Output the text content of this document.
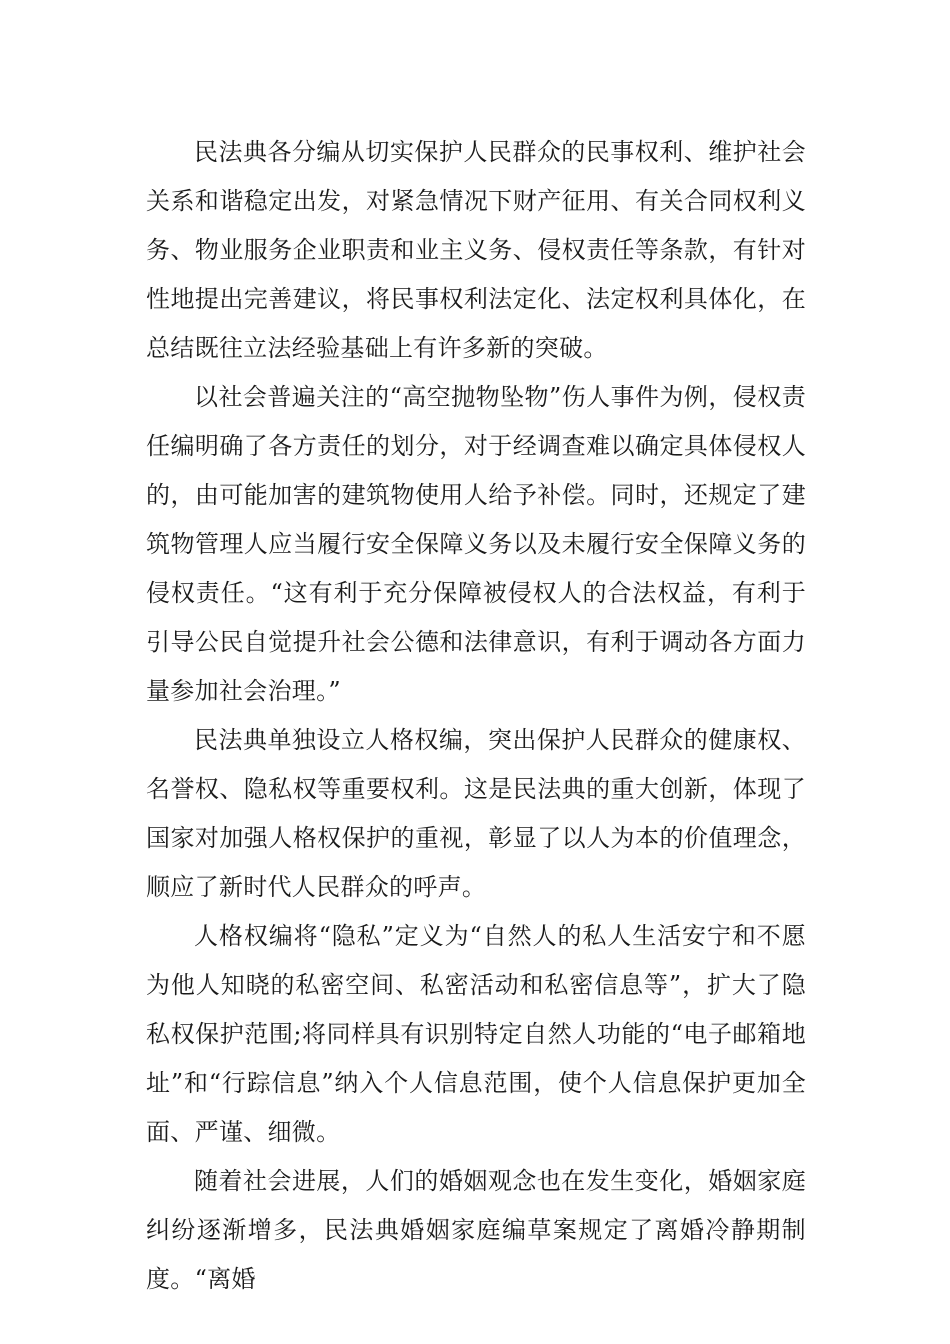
民法典各分编从切实保护人民群众的民事权利、维护社会关系和谐稳定出发，对紧急情况下财产征用、有关合同权利义务、物业服务企业职责和业主义务、侵权责任等条款，有针对性地提出完善建议，将民事权利法定化、法定权利具体化，在总结既往立法经验基础上有许多新的突破。

以社会普遍关注的“高空抛物坠物”伤人事件为例，侵权责任编明确了各方责任的划分，对于经调查难以确定具体侵权人的，由可能加害的建筑物使用人给予补偿。同时，还规定了建筑物管理人应当履行安全保障义务以及未履行安全保障义务的侵权责任。“这有利于充分保障被侵权人的合法权益，有利于引导公民自觉提升社会公德和法律意识，有利于调动各方面力量参加社会治理。”

民法典单独设立人格权编，突出保护人民群众的健康权、名誉权、隐私权等重要权利。这是民法典的重大创新，体现了国家对加强人格权保护的重视，彰显了以人为本的价值理念，顺应了新时代人民群众的呼声。

人格权编将“隐私”定义为“自然人的私人生活安宁和不愿为他人知晓的私密空间、私密活动和私密信息等”，扩大了隐私权保护范围;将同样具有识别特定自然人功能的“电子邮箱地址”和“行踪信息”纳入个人信息范围，使个人信息保护更加全面、严谨、细微。

随着社会进展，人们的婚姻观念也在发生变化，婚姻家庭纠纷逐渐增多，民法典婚姻家庭编草案规定了离婚冷静期制度。“离婚
